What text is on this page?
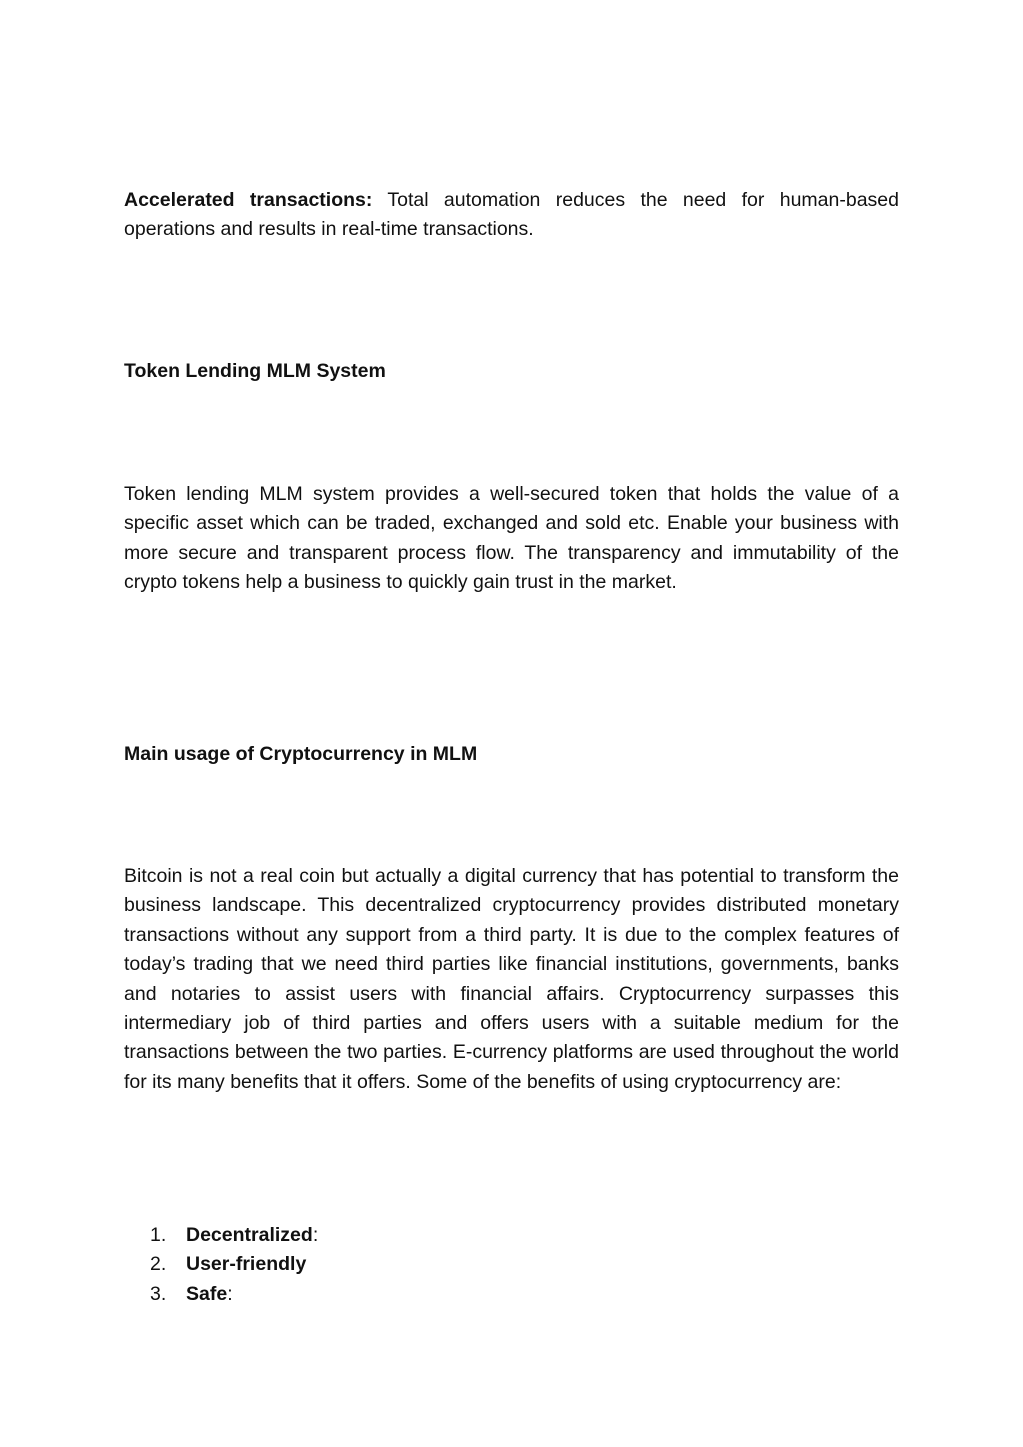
Accelerated transactions: Total automation reduces the need for human-based operations and results in real-time transactions.
Token Lending MLM System
Token lending MLM system provides a well-secured token that holds the value of a specific asset which can be traded, exchanged and sold etc. Enable your business with more secure and transparent process flow. The transparency and immutability of the crypto tokens help a business to quickly gain trust in the market.
Main usage of Cryptocurrency in MLM
Bitcoin is not a real coin but actually a digital currency that has potential to transform the business landscape. This decentralized cryptocurrency provides distributed monetary transactions without any support from a third party. It is due to the complex features of today’s trading that we need third parties like financial institutions, governments, banks and notaries to assist users with financial affairs. Cryptocurrency surpasses this intermediary job of third parties and offers users with a suitable medium for the transactions between the two parties. E-currency platforms are used throughout the world for its many benefits that it offers. Some of the benefits of using cryptocurrency are:
1.	Decentralized:
2.	User-friendly
3.	Safe:
